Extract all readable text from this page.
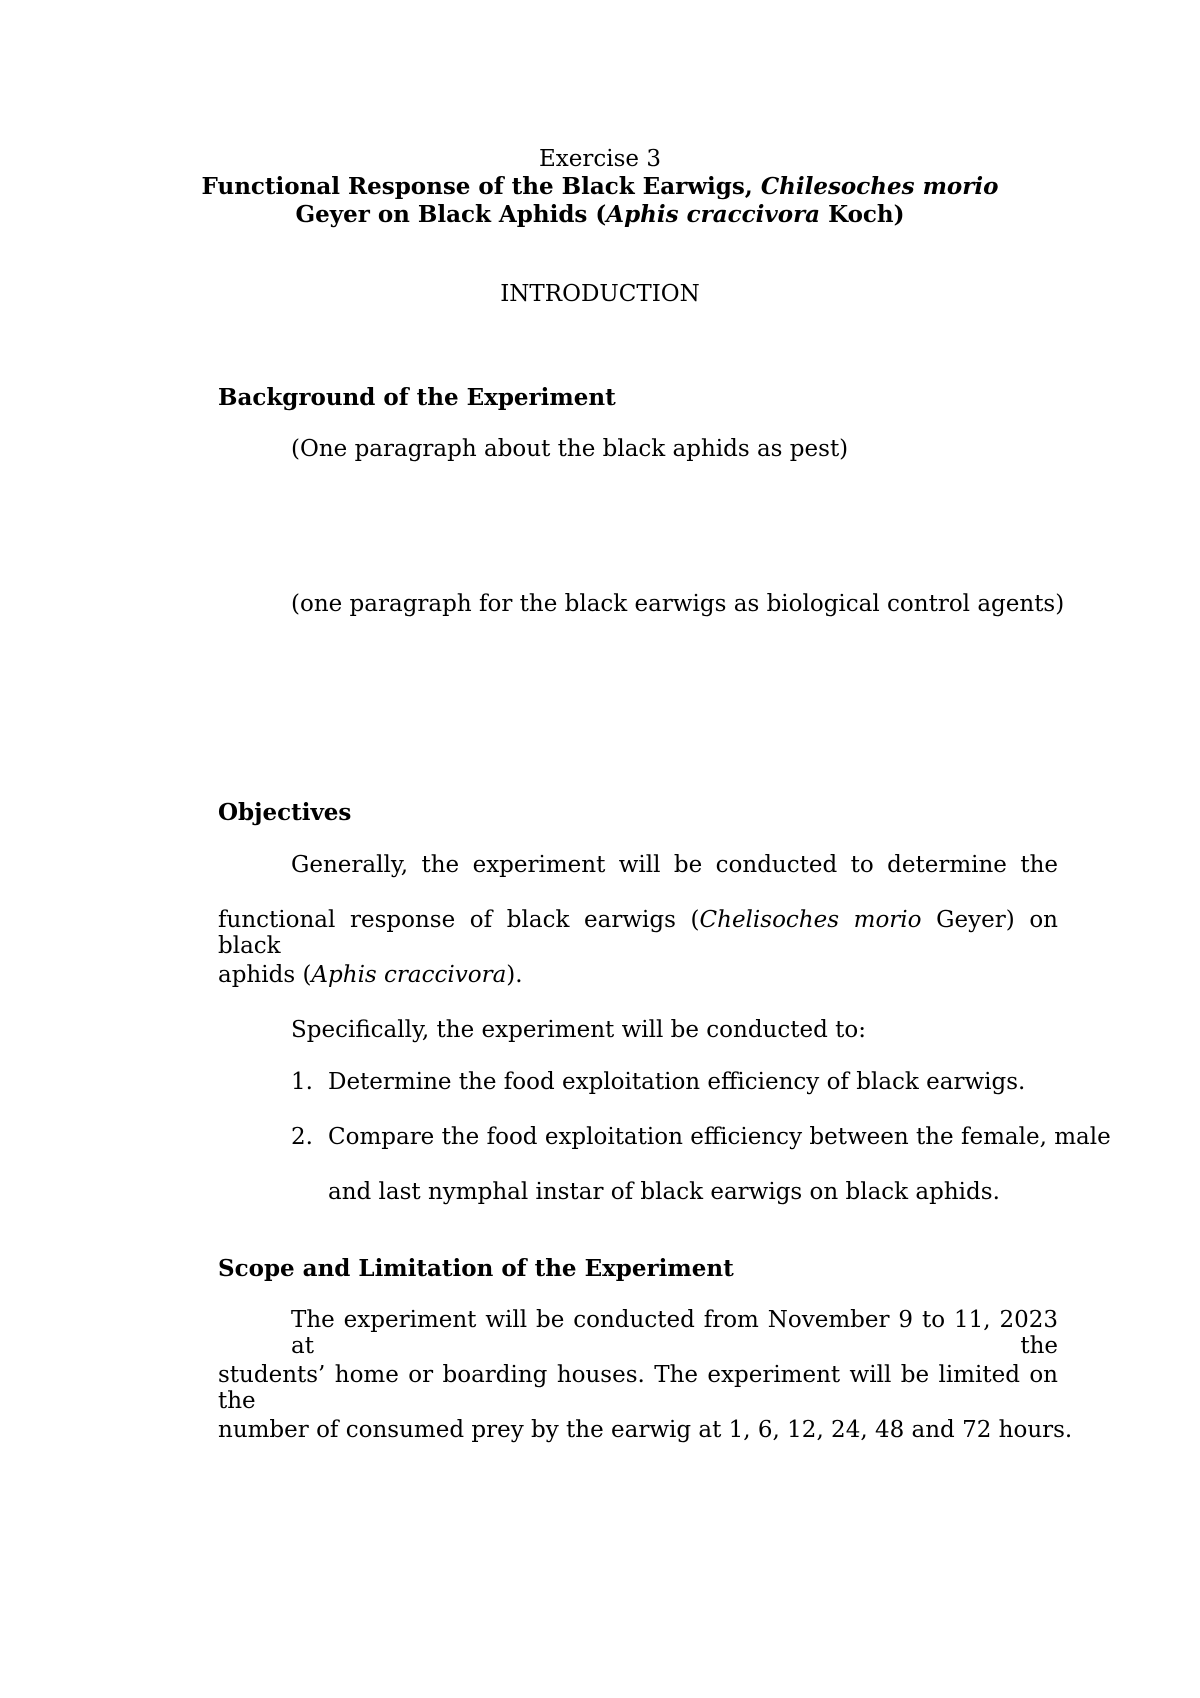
Exercise 3
Functional Response of the Black Earwigs, Chilesoches morio
Geyer on Black Aphids (Aphis craccivora Koch)
INTRODUCTION
Background of the Experiment
(One paragraph about the black aphids as pest)
(one paragraph for the black earwigs as biological control agents)
Objectives
Generally, the experiment will be conducted to determine the
functional response of black earwigs (Chelisoches morio Geyer) on black
aphids (Aphis craccivora).
Specifically, the experiment will be conducted to:
1. Determine the food exploitation efficiency of black earwigs.
2. Compare the food exploitation efficiency between the female, male
and last nymphal instar of black earwigs on black aphids.
Scope and Limitation of the Experiment
The experiment will be conducted from November 9 to 11, 2023 at the
students’ home or boarding houses. The experiment will be limited on the
number of consumed prey by the earwig at 1, 6, 12, 24, 48 and 72 hours.
